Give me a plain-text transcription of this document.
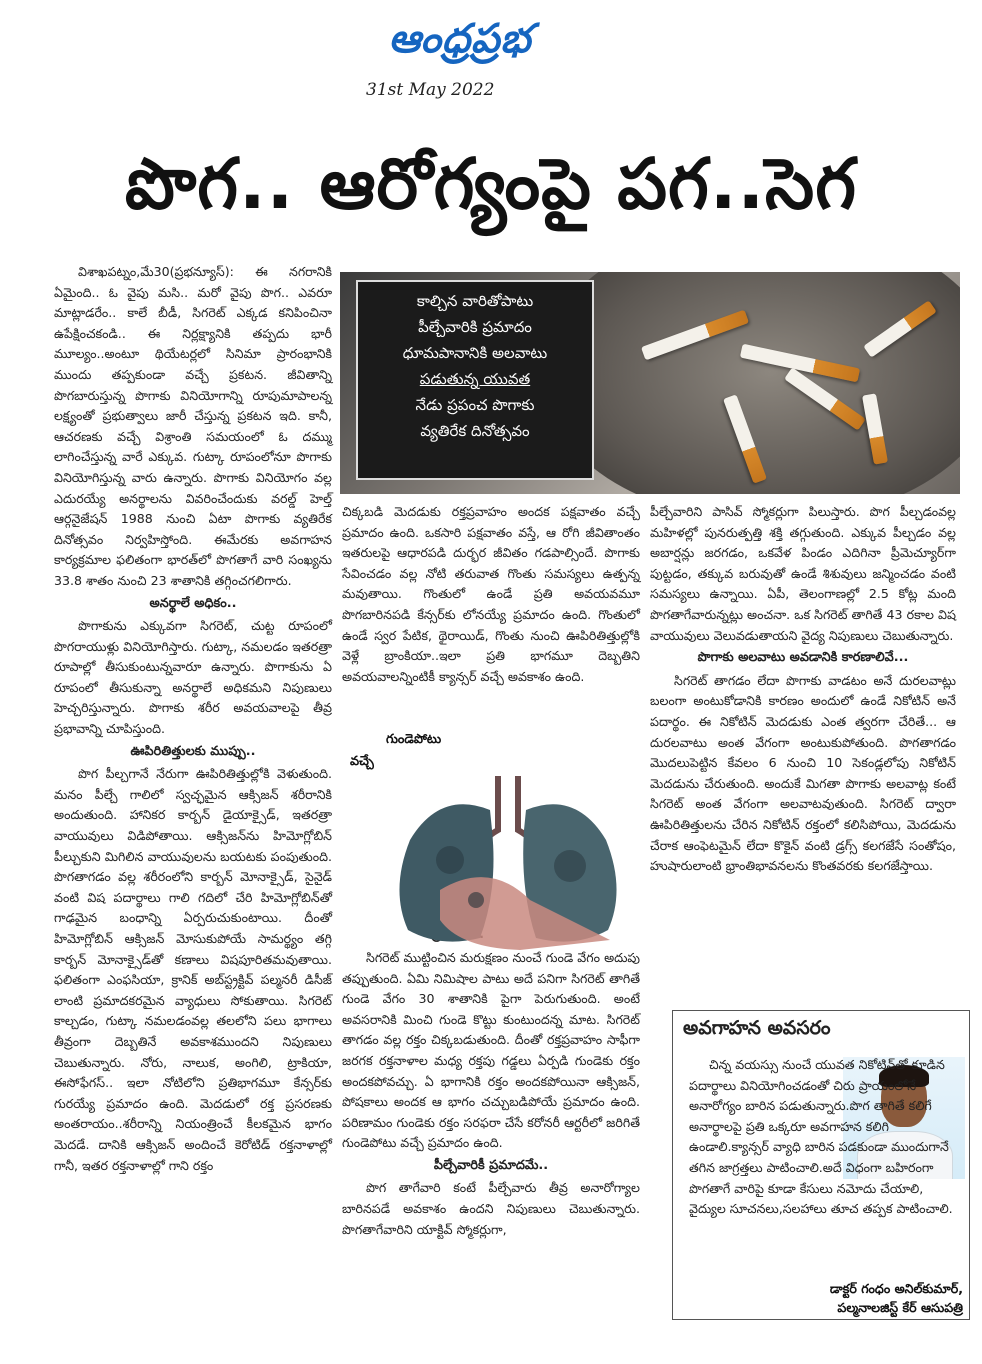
ఆంధ్రప్రభ
31st May 2022
పొగ.. ఆరోగ్యంపై పగ..సెగ
కాల్చిన వారితోపాటు
పీల్చేవారికి ప్రమాదం
ధూమపానానికి అలవాటు
పడుతున్న యువత
నేడు ప్రపంచ పొగాకు
వ్యతిరేక దినోత్సవం

విశాఖపట్నం,మే30(ప్రభన్యూస్): ఈ నగరానికి ఏమైంది.. ఓ వైపు మసి.. మరో వైపు పొగ.. ఎవరూ మాట్లాడరేం.. కాలే బీడీ, సిగరెట్ ఎక్కడ కనిపించినా ఉపేక్షించకండి.. ఈ నిర్లక్ష్యానికి తప్పదు భారీ మూల్యం..అంటూ థియేటర్లలో సినిమా ప్రారంభానికి ముందు తప్పకుండా వచ్చే ప్రకటన. జీవితాన్ని పొగబారుస్తున్న పొగాకు వినియోగాన్ని రూపుమాపాలన్న లక్ష్యంతో ప్రభుత్వాలు జారీ చేస్తున్న ప్రకటన ఇది. కానీ, ఆచరణకు వచ్చే విశ్రాంతి సమయంలో ఓ దమ్ము లాగించేస్తున్న వారే ఎక్కువ. గుట్కా రూపంలోనూ పొగాకు వినియోగిస్తున్న వారు ఉన్నారు. పొగాకు వినియోగం వల్ల ఎదురయ్యే అనర్థాలను వివరించేందుకు వరల్డ్ హెల్త్ ఆర్గనైజేషన్ 1988 నుంచి ఏటా పొగాకు వ్యతిరేక దినోత్సవం నిర్వహిస్తోంది. ఈమేరకు అవగాహన కార్యక్రమాల ఫలితంగా భారత్‌లో పొగతాగే వారి సంఖ్యను 33.8 శాతం నుంచి 23 శాతానికి తగ్గించగలిగారు.

అనర్థాలే అధికం..

పొగాకును ఎక్కువగా సిగరెట్, చుట్ట రూపంలో పొగరాయుళ్లు వినియోగిస్తారు. గుట్కా, నమలడం ఇతరత్రా రూపాల్లో తీసుకుంటున్నవారూ ఉన్నారు. పొగాకును ఏ రూపంలో తీసుకున్నా అనర్థాలే అధికమని నిపుణులు హెచ్చరిస్తున్నారు. పొగాకు శరీర అవయవాలపై తీవ్ర ప్రభావాన్ని చూపిస్తుంది.

ఊపిరితిత్తులకు ముప్పు..

పొగ పీల్చగానే నేరుగా ఊపిరితిత్తుల్లోకి వెళుతుంది. మనం పీల్చే గాలిలో స్వచ్ఛమైన ఆక్సిజన్ శరీరానికి అందుతుంది. హానికర కార్బన్ డైయాక్సైడ్, ఇతరత్రా వాయువులు విడిపోతాయి. ఆక్సిజన్‌ను హిమోగ్లోబిన్ పీల్చుకుని మిగిలిన వాయువులను బయటకు పంపుతుంది. పొగతాగడం వల్ల శరీరంలోని కార్బన్ మోనాక్సైడ్, సైనైడ్ వంటి విష పదార్థాలు గాలి గదిలో చేరి హిమోగ్లోబిన్‌తో గాఢమైన బంధాన్ని ఏర్పరుచుకుంటాయి. దీంతో హిమోగ్లోబిన్ ఆక్సిజన్ మోసుకుపోయే సామర్థ్యం తగ్గి కార్బన్ మోనాక్సైడ్‌తో కణాలు విషపూరితమవుతాయి. ఫలితంగా ఎంఫసియా, క్రానిక్ అబ్‌స్ట్రక్టివ్ పల్మనరీ డిసీజ్ లాంటి ప్రమాదకరమైన వ్యాధులు సోకుతాయి. సిగరెట్ కాల్చడం, గుట్కా నమలడంవల్ల తలలోని పలు భాగాలు తీవ్రంగా దెబ్బతినే అవకాశముందని నిపుణులు చెబుతున్నారు. నోరు, నాలుక, అంగిలి, ట్రాకియా, ఈసోఫేగస్.. ఇలా నోటిలోని ప్రతిభాగమూ కేన్సర్‌కు గురయ్యే ప్రమాదం ఉంది. మెదడులో రక్త ప్రసరణకు అంతరాయం..శరీరాన్ని నియంత్రించే కీలకమైన భాగం మెదడే. దానికి ఆక్సిజన్ అందించే కెరోటిడ్ రక్తనాళాల్లో గానీ, ఇతర రక్తనాళాల్లో గాని రక్తం

చిక్కబడి మెదడుకు రక్తప్రవాహం అందక పక్షవాతం వచ్చే ప్రమాదం ఉంది. ఒకసారి పక్షవాతం వస్తే, ఆ రోగి జీవితాంతం ఇతరులపై ఆధారపడి దుర్భర జీవితం గడపాల్సిందే. పొగాకు సేవించడం వల్ల నోటి తరువాత గొంతు సమస్యలు ఉత్పన్న మవుతాయి. గొంతులో ఉండే ప్రతి అవయవమూ పొగబారినపడి కేన్సర్‌కు లోనయ్యే ప్రమాదం ఉంది. గొంతులో ఉండే స్వర పేటిక, థైరాయిడ్, గొంతు నుంచి ఊపిరితిత్తుల్లోకి వెళ్లే బ్రాంకియా..ఇలా ప్రతి భాగమూ దెబ్బతిని అవయవాలన్నింటికీ క్యాన్సర్ వచ్చే అవకాశం ఉంది.

సిగరెట్ ముట్టించిన మరుక్షణం నుంచే గుండె వేగం అదుపు తప్పుతుంది. ఏమి నిమిషాల పాటు అదే పనిగా సిగరెట్ తాగితే గుండె వేగం 30 శాతానికి పైగా పెరుగుతుంది. అంటే అవసరానికి మించి గుండె కొట్టు కుంటుందన్న మాట. సిగరెట్ తాగడం వల్ల రక్తం చిక్కబడుతుంది. దీంతో రక్తప్రవాహం సాఫీగా జరగక రక్తనాళాల మధ్య రక్తపు గడ్డలు ఏర్పడి గుండెకు రక్తం అందకపోవచ్చు. ఏ భాగానికి రక్తం అందకపోయినా ఆక్సిజన్, పోషకాలు అందక ఆ భాగం చచ్చుబడిపోయే ప్రమాదం ఉంది. పరిణామం గుండెకు రక్తం సరఫరా చేసే కరోనరీ ఆర్టరీలో జరిగితే గుండెపోటు వచ్చే ప్రమాదం ఉంది.

పీల్చేవారికీ ప్రమాదమే..

పొగ తాగేవారి కంటే పీల్చేవారు తీవ్ర అనారోగ్యాల బారినపడే అవకాశం ఉందని నిపుణులు చెబుతున్నారు. పొగతాగేవారిని యాక్టివ్ స్మోకర్లుగా,

గుండెపోటు
వచ్చే

పీల్చేవారిని పాసివ్ స్మోకర్లుగా పిలుస్తారు. పొగ పీల్చడంవల్ల మహిళల్లో పునరుత్పత్తి శక్తి తగ్గుతుంది. ఎక్కువ పీల్చడం వల్ల అబార్షన్లు జరగడం, ఒకవేళ పిండం ఎదిగినా ప్రీమెచ్యూర్‌గా పుట్టడం, తక్కువ బరువుతో ఉండే శిశువులు జన్మించడం వంటి సమస్యలు ఉన్నాయి. ఏపీ, తెలంగాణల్లో 2.5 కోట్ల మంది పొగతాగేవారున్నట్లు అంచనా. ఒక సిగరెట్ తాగితే 43 రకాల విష వాయువులు వెలువడుతాయని వైద్య నిపుణులు చెబుతున్నారు.

పొగాకు అలవాటు అవడానికి కారణాలివే...

సిగరెట్ తాగడం లేదా పొగాకు వాడటం అనే దురలవాట్లు బలంగా అంటుకోడానికి కారణం అందులో ఉండే నికోటిన్ అనే పదార్థం. ఈ నికోటిన్ మెదడుకు ఎంత త్వరగా చేరితే... ఆ దురలవాటు అంత వేగంగా అంటుకుపోతుంది. పొగతాగడం మొదలుపెట్టిన కేవలం 6 నుంచి 10 సెకండ్లలోపు నికోటిన్ మెదడును చేరుతుంది. అందుకే మిగతా పొగాకు అలవాట్ల కంటే సిగరెట్ అంత వేగంగా అలవాటవుతుంది. సిగరెట్ ద్వారా ఊపిరితిత్తులను చేరిన నికోటిన్ రక్తంలో కలిసిపోయి, మెదడును చేరాక ఆంఫెటమైన్ లేదా కొకైన్ వంటి డ్రగ్స్ కలగజేసే సంతోషం, హుషారులాంటి భ్రాంతిభావనలను కొంతవరకు కలగజేస్తాయి.

అవగాహన అవసరం

చిన్న వయస్సు నుంచే యువత నికోటిన్‌తో కూడిన పదార్థాలు వినియోగించడంతో చిరు ప్రాయంలోనే అనారోగ్యం బారిన పడుతున్నారు.పొగ తాగితే కలిగే అనార్థాలపై ప్రతి ఒక్కరూ అవగాహన కలిగి ఉండాలి.క్యాన్సర్ వ్యాధి బారిన పడకుండా ముందుగానే తగిన జాగ్రత్తలు పాటించాలి.అదే విధంగా బహిరంగా పొగతాగే వారిపై కూడా కేసులు నమోదు చేయాలి, వైద్యుల సూచనలు,సలహాలు తూచ తప్పక పాటించాలి.

డాక్టర్ గంధం అనిల్‌కుమార్,
పల్మనాలజిస్ట్ కేర్ ఆసుపత్రి
